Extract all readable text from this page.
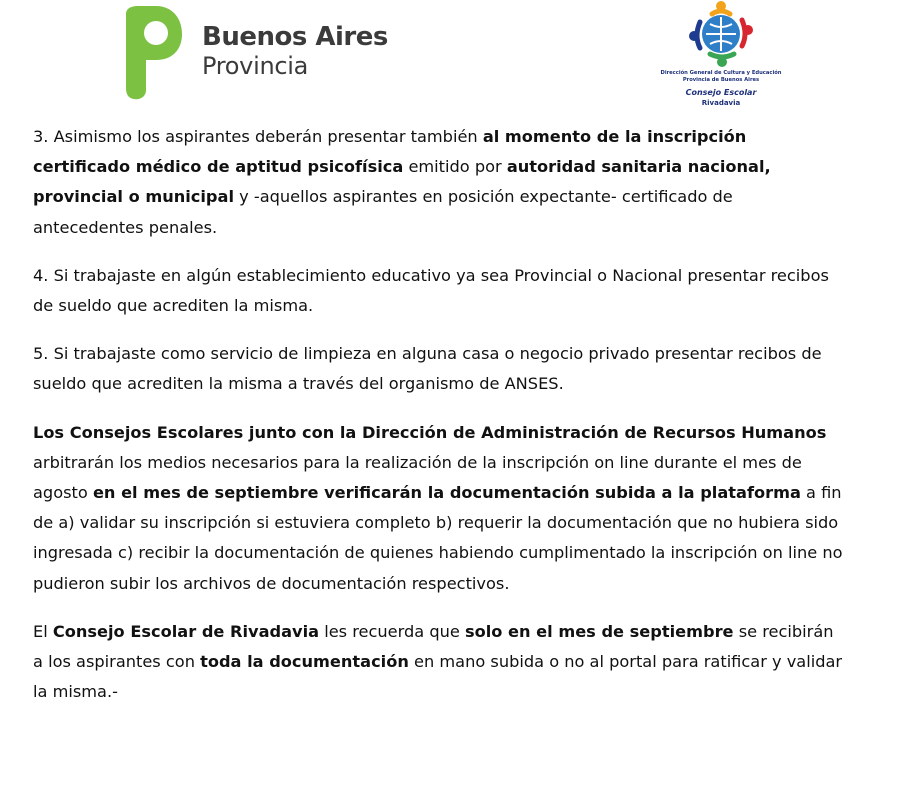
Buenos Aires
Provincia	Dirección General de Cultura y Educación
Provincia de Buenos Aires
Consejo Escolar
Rivadavia

3. Asimismo los aspirantes deberán presentar también al momento de la inscripción certificado médico de aptitud psicofísica emitido por autoridad sanitaria nacional, provincial o municipal y -aquellos aspirantes en posición expectante- certificado de antecedentes penales.

4. Si trabajaste en algún establecimiento educativo ya sea Provincial o Nacional presentar recibos de sueldo que acrediten la misma.

5. Si trabajaste como servicio de limpieza en alguna casa o negocio privado presentar recibos de sueldo que acrediten la misma a través del organismo de ANSES.

Los Consejos Escolares junto con la Dirección de Administración de Recursos Humanos arbitrarán los medios necesarios para la realización de la inscripción on line durante el mes de agosto en el mes de septiembre verificarán la documentación subida a la plataforma a fin de a) validar su inscripción si estuviera completo b) requerir la documentación que no hubiera sido ingresada c) recibir la documentación de quienes habiendo cumplimentado la inscripción on line no pudieron subir los archivos de documentación respectivos.

El Consejo Escolar de Rivadavia les recuerda que solo en el mes de septiembre se recibirán a los aspirantes con toda la documentación en mano subida o no al portal para ratificar y validar la misma.-
